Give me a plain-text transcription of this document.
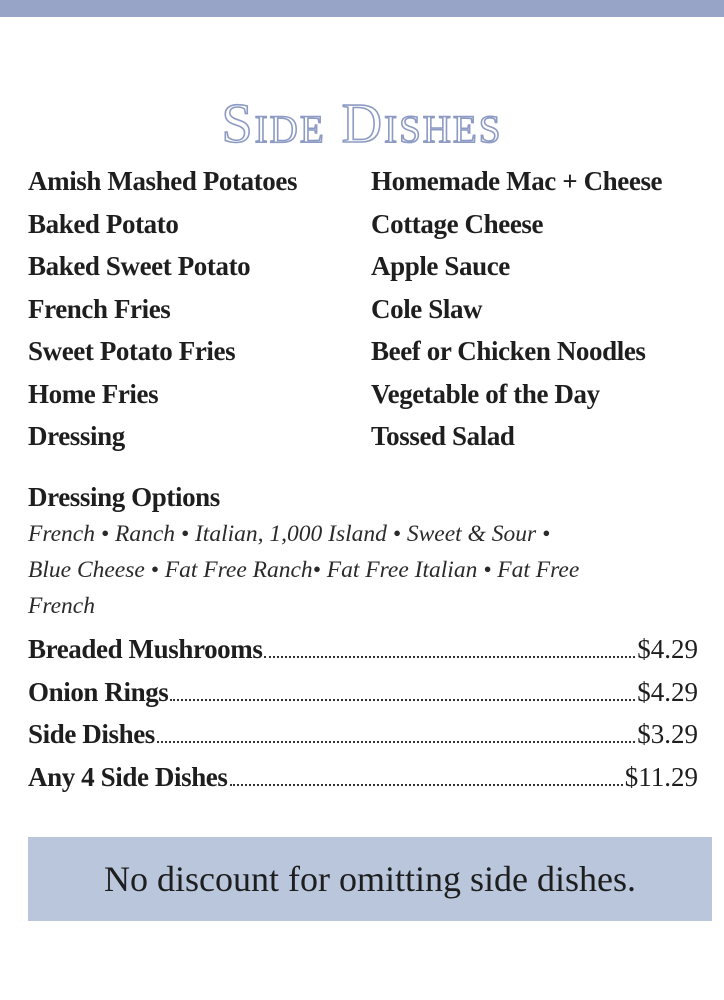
Side Dishes
Amish Mashed Potatoes
Baked Potato
Baked Sweet Potato
French Fries
Sweet Potato Fries
Home Fries
Dressing
Homemade Mac + Cheese
Cottage Cheese
Apple Sauce
Cole Slaw
Beef or Chicken Noodles
Vegetable of the Day
Tossed Salad
Dressing Options
French • Ranch • Italian, 1,000 Island • Sweet & Sour •
Blue Cheese • Fat Free Ranch• Fat Free Italian • Fat Free
French
Breaded Mushrooms	$4.29
Onion Rings	$4.29
Side Dishes	$3.29
Any 4 Side Dishes	$11.29
No discount for omitting side dishes.
